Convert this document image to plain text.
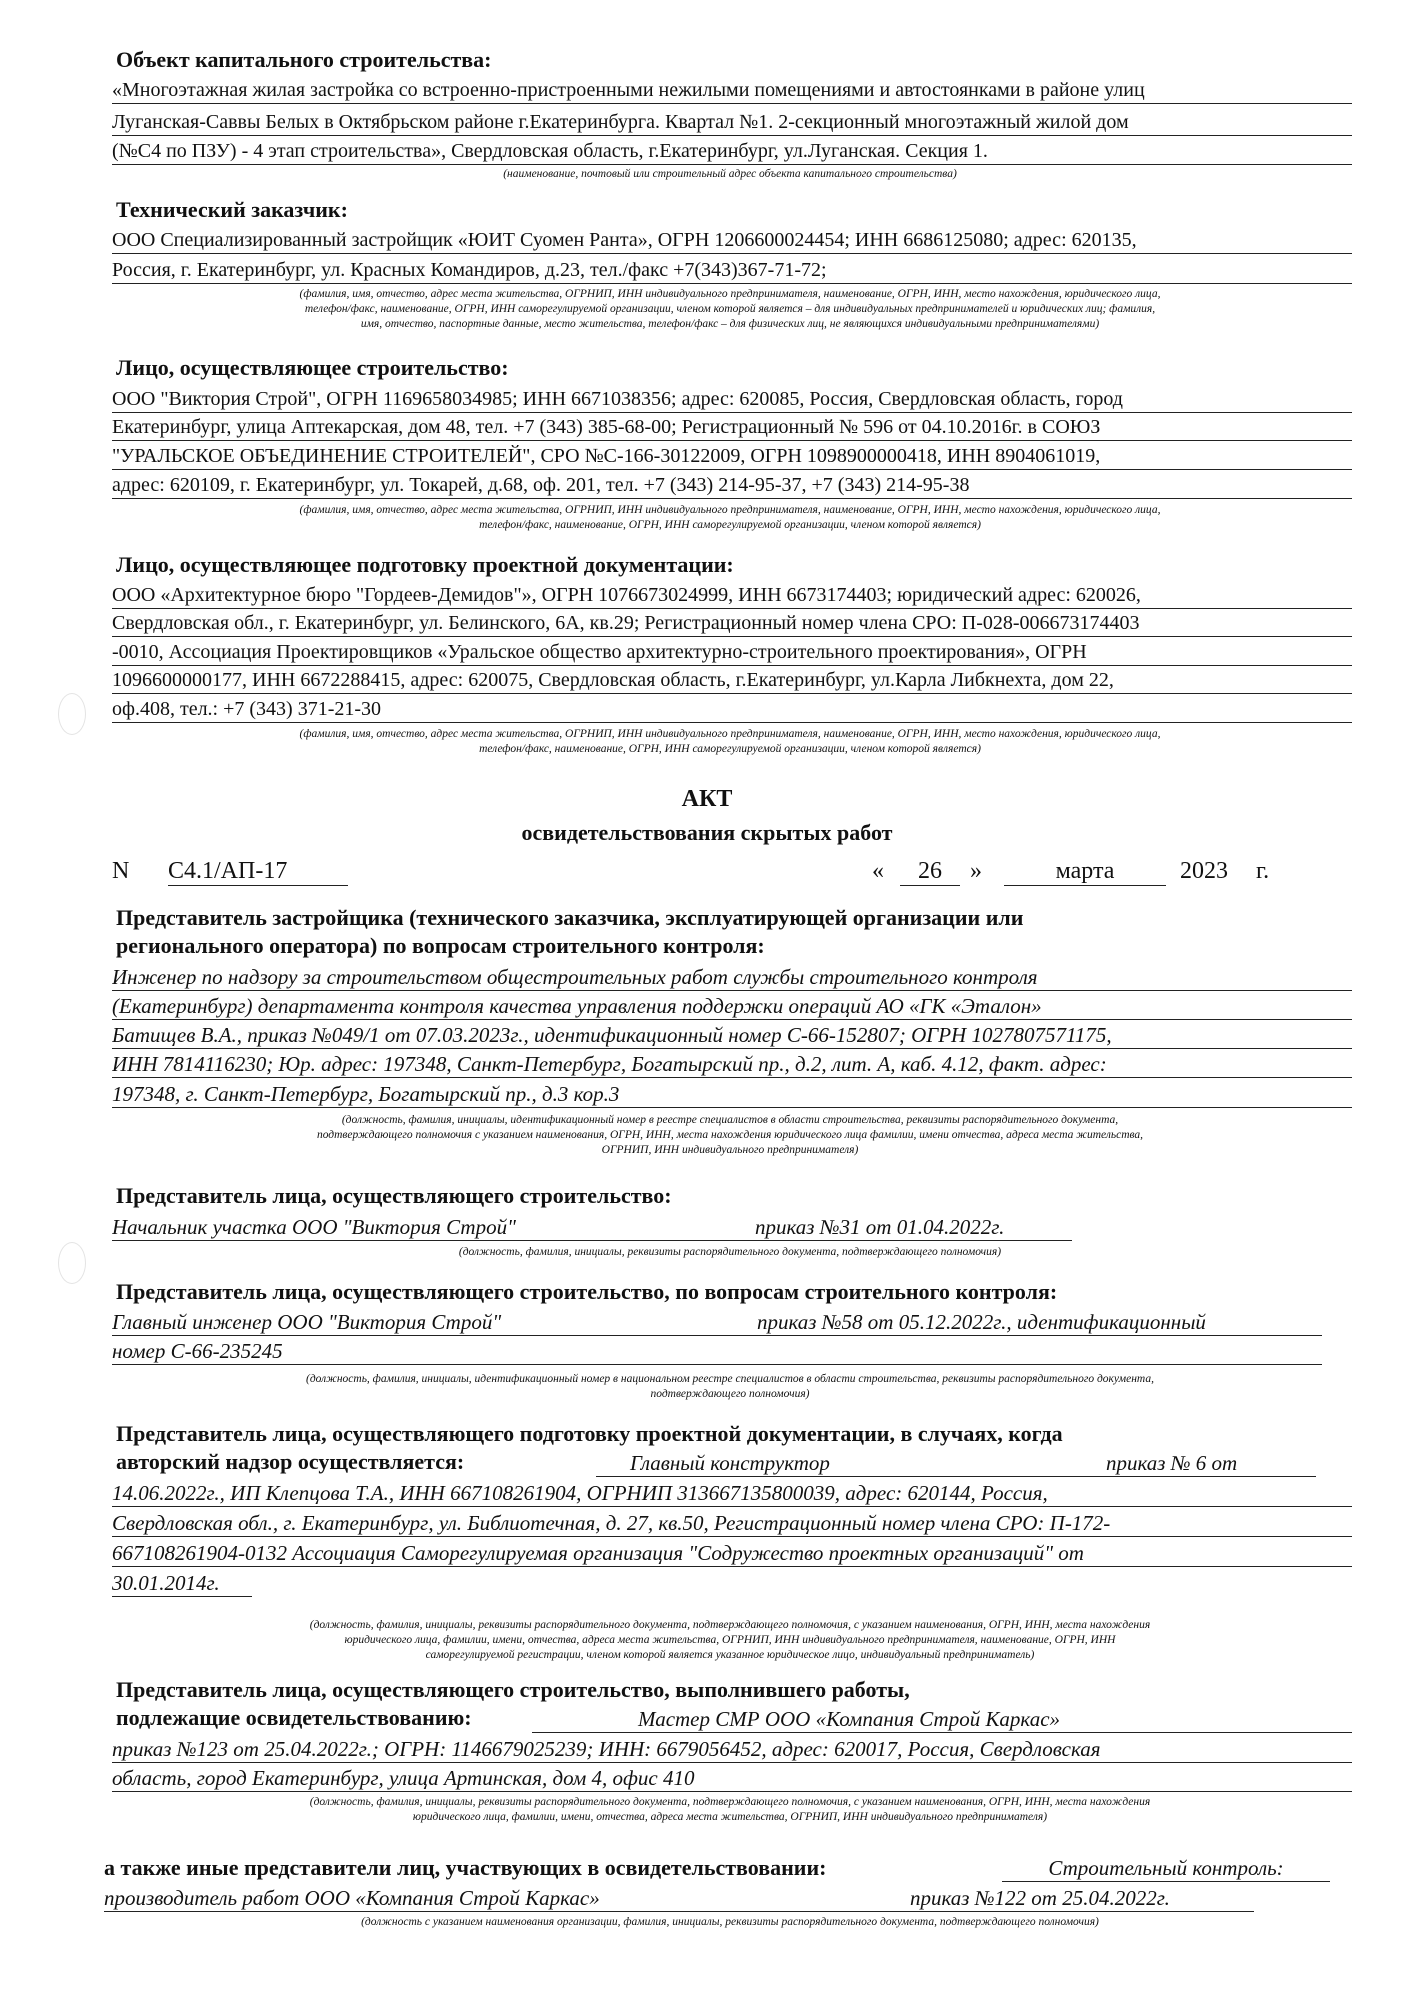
Объект капитального строительства:
«Многоэтажная жилая застройка со встроенно-пристроенными нежилыми помещениями и автостоянками в районе улиц
Луганская-Саввы Белых в Октябрьском районе г.Екатеринбурга. Квартал №1. 2-секционный многоэтажный жилой дом
(№С4 по ПЗУ) - 4 этап строительства», Свердловская область, г.Екатеринбург, ул.Луганская. Секция 1.
(наименование, почтовый или строительный адрес объекта капитального строительства)
Технический заказчик:
ООО Специализированный застройщик «ЮИТ Суомен Ранта», ОГРН 1206600024454; ИНН 6686125080; адрес: 620135,
Россия, г. Екатеринбург, ул. Красных Командиров, д.23, тел./факс +7(343)367-71-72;
(фамилия, имя, отчество, адрес места жительства, ОГРНИП, ИНН индивидуального предпринимателя, наименование, ОГРН, ИНН, место нахождения, юридического лица,
телефон/факс, наименование, ОГРН, ИНН саморегулируемой организации, членом которой является – для индивидуальных предпринимателей и юридических лиц; фамилия,
имя, отчество, паспортные данные, место жительства, телефон/факс – для физических лиц, не являющихся индивидуальными предпринимателями)
Лицо, осуществляющее строительство:
ООО "Виктория Строй", ОГРН 1169658034985; ИНН 6671038356; адрес: 620085, Россия, Свердловская область, город
Екатеринбург, улица Аптекарская, дом 48, тел. +7 (343) 385-68-00; Регистрационный № 596 от 04.10.2016г. в СОЮЗ
"УРАЛЬСКОЕ ОБЪЕДИНЕНИЕ СТРОИТЕЛЕЙ", СРО №С-166-30122009, ОГРН 1098900000418, ИНН 8904061019,
адрес: 620109, г. Екатеринбург, ул. Токарей, д.68, оф. 201, тел. +7 (343) 214-95-37, +7 (343) 214-95-38
(фамилия, имя, отчество, адрес места жительства, ОГРНИП, ИНН индивидуального предпринимателя, наименование, ОГРН, ИНН, место нахождения, юридического лица,
телефон/факс, наименование, ОГРН, ИНН саморегулируемой организации, членом которой является)
Лицо, осуществляющее подготовку проектной документации:
ООО «Архитектурное бюро "Гордеев-Демидов"», ОГРН 1076673024999, ИНН 6673174403; юридический адрес: 620026,
Свердловская обл., г. Екатеринбург, ул. Белинского, 6А, кв.29; Регистрационный номер члена СРО: П-028-006673174403
-0010, Ассоциация Проектировщиков «Уральское общество архитектурно-строительного проектирования», ОГРН
1096600000177, ИНН 6672288415, адрес: 620075, Свердловская область, г.Екатеринбург, ул.Карла Либкнехта, дом 22,
оф.408, тел.: +7 (343) 371-21-30
(фамилия, имя, отчество, адрес места жительства, ОГРНИП, ИНН индивидуального предпринимателя, наименование, ОГРН, ИНН, место нахождения, юридического лица,
телефон/факс, наименование, ОГРН, ИНН саморегулируемой организации, членом которой является)
АКТ
освидетельствования скрытых работ
N С4.1/АП-17	«	26	»	марта	2023 г.
Представитель застройщика (технического заказчика, эксплуатирующей организации или
регионального оператора) по вопросам строительного контроля:
Инженер по надзору за строительством общестроительных работ службы строительного контроля
(Екатеринбург) департамента контроля качества управления поддержки операций АО «ГК «Эталон»
Батищев В.А., приказ №049/1 от 07.03.2023г., идентификационный номер С-66-152807; ОГРН 1027807571175,
ИНН 7814116230; Юр. адрес: 197348, Санкт-Петербург, Богатырский пр., д.2, лит. А, каб. 4.12, факт. адрес:
197348, г. Санкт-Петербург, Богатырский пр., д.3 кор.3
(должность, фамилия, инициалы, идентификационный номер в реестре специалистов в области строительства, реквизиты распорядительного документа,
подтверждающего полномочия с указанием наименования, ОГРН, ИНН, места нахождения юридического лица фамилии, имени отчества, адреса места жительства,
ОГРНИП, ИНН индивидуального предпринимателя)
Представитель лица, осуществляющего строительство:
Начальник участка ООО "Виктория Строй"	приказ №31 от 01.04.2022г.
(должность, фамилия, инициалы, реквизиты распорядительного документа, подтверждающего полномочия)
Представитель лица, осуществляющего строительство, по вопросам строительного контроля:
Главный инженер ООО "Виктория Строй"	приказ №58 от 05.12.2022г., идентификационный
номер С-66-235245
(должность, фамилия, инициалы, идентификационный номер в национальном реестре специалистов в области строительства, реквизиты распорядительного документа,
подтверждающего полномочия)
Представитель лица, осуществляющего подготовку проектной документации, в случаях, когда
авторский надзор осуществляется:	Главный конструктор	приказ № 6 от
14.06.2022г., ИП Клепцова Т.А., ИНН 667108261904, ОГРНИП 313667135800039, адрес: 620144, Россия,
Свердловская обл., г. Екатеринбург, ул. Библиотечная, д. 27, кв.50, Регистрационный номер члена СРО: П-172-
667108261904-0132 Ассоциация Саморегулируемая организация "Содружество проектных организаций" от
30.01.2014г.
(должность, фамилия, инициалы, реквизиты распорядительного документа, подтверждающего полномочия, с указанием наименования, ОГРН, ИНН, места нахождения
юридического лица, фамилии, имени, отчества, адреса места жительства, ОГРНИП, ИНН индивидуального предпринимателя, наименование, ОГРН, ИНН
саморегулируемой регистрации, членом которой является указанное юридическое лицо, индивидуальный предприниматель)
Представитель лица, осуществляющего строительство, выполнившего работы,
подлежащие освидетельствованию:	Мастер СМР ООО «Компания Строй Каркас»
приказ №123 от 25.04.2022г.; ОГРН: 1146679025239; ИНН: 6679056452, адрес: 620017, Россия, Свердловская
область, город Екатеринбург, улица Артинская, дом 4, офис 410
(должность, фамилия, инициалы, реквизиты распорядительного документа, подтверждающего полномочия, с указанием наименования, ОГРН, ИНН, места нахождения
юридического лица, фамилии, имени, отчества, адреса места жительства, ОГРНИП, ИНН индивидуального предпринимателя)
а также иные представители лиц, участвующих в освидетельствовании:	Строительный контроль:
производитель работ ООО «Компания Строй Каркас»	приказ №122 от 25.04.2022г.
(должность с указанием наименования организации, фамилия, инициалы, реквизиты распорядительного документа, подтверждающего полномочия)
